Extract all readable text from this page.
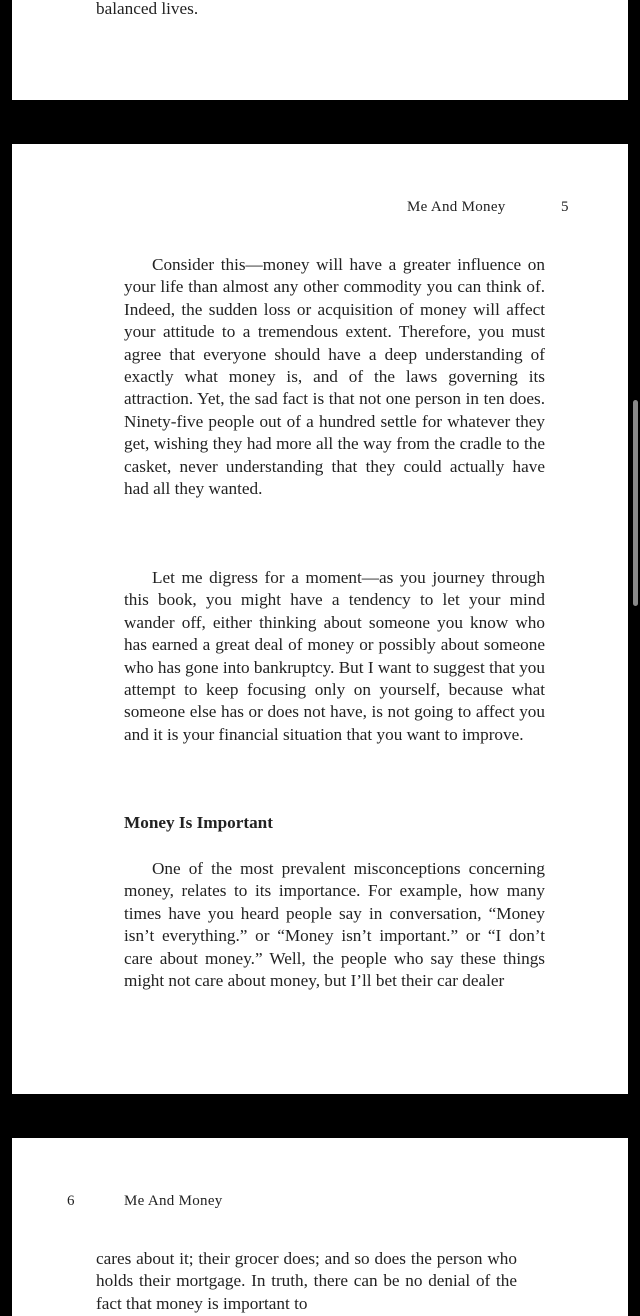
balanced lives.

Me And Money	5

Consider this—money will have a greater influence on your life than almost any other commodity you can think of. Indeed, the sudden loss or acquisition of money will affect your attitude to a tremendous extent. Therefore, you must agree that everyone should have a deep understanding of exactly what money is, and of the laws governing its attraction. Yet, the sad fact is that not one person in ten does. Ninety-five people out of a hundred settle for whatever they get, wishing they had more all the way from the cradle to the casket, never understanding that they could actually have had all they wanted.

Let me digress for a moment—as you journey through this book, you might have a tendency to let your mind wander off, either thinking about someone you know who has earned a great deal of money or possibly about someone who has gone into bankruptcy. But I want to suggest that you attempt to keep focusing only on yourself, because what someone else has or does not have, is not going to affect you and it is your financial situation that you want to improve.

Money Is Important

One of the most prevalent misconceptions concerning money, relates to its importance. For example, how many times have you heard people say in conversation, “Money isn’t everything.” or “Money isn’t important.” or “I don’t care about money.” Well, the people who say these things might not care about money, but I’ll bet their car dealer

6	Me And Money

cares about it; their grocer does; and so does the person who holds their mortgage. In truth, there can be no denial of the fact that money is important to
